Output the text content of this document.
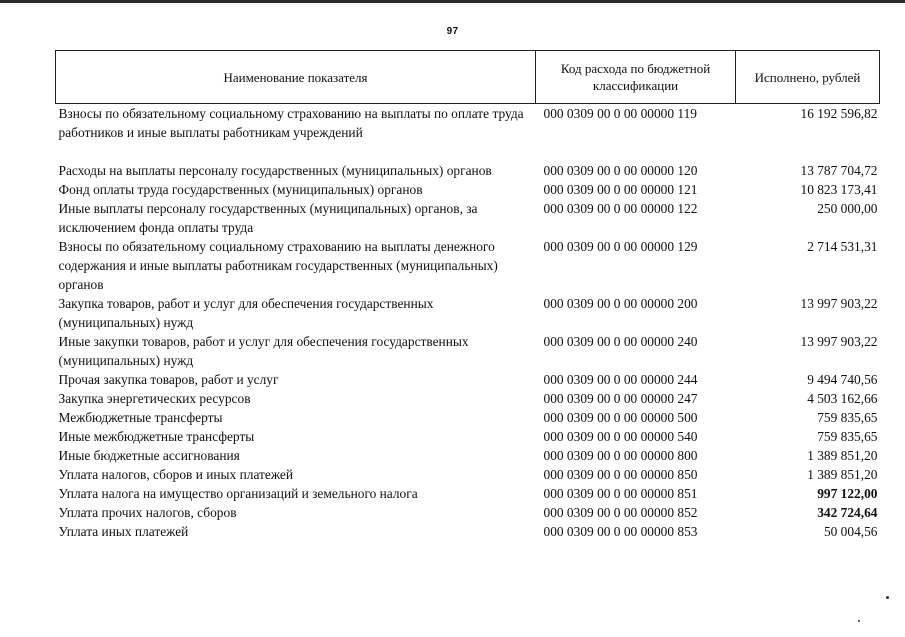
97
Наименование показателя	Код расхода по бюджетной классификации	Исполнено, рублей
Взносы по обязательному социальному страхованию на выплаты по оплате труда работников и иные выплаты работникам учреждений	000 0309 00 0 00 00000 119	16 192 596,82
Расходы на выплаты персоналу государственных (муниципальных) органов	000 0309 00 0 00 00000 120	13 787 704,72
Фонд оплаты труда государственных (муниципальных) органов	000 0309 00 0 00 00000 121	10 823 173,41
Иные выплаты персоналу государственных (муниципальных) органов, за исключением фонда оплаты труда	000 0309 00 0 00 00000 122	250 000,00
Взносы по обязательному социальному страхованию на выплаты денежного содержания и иные выплаты работникам государственных (муниципальных) органов	000 0309 00 0 00 00000 129	2 714 531,31
Закупка товаров, работ и услуг для обеспечения государственных (муниципальных) нужд	000 0309 00 0 00 00000 200	13 997 903,22
Иные закупки товаров, работ и услуг для обеспечения государственных (муниципальных) нужд	000 0309 00 0 00 00000 240	13 997 903,22
Прочая закупка товаров, работ и услуг	000 0309 00 0 00 00000 244	9 494 740,56
Закупка энергетических ресурсов	000 0309 00 0 00 00000 247	4 503 162,66
Межбюджетные трансферты	000 0309 00 0 00 00000 500	759 835,65
Иные межбюджетные трансферты	000 0309 00 0 00 00000 540	759 835,65
Иные бюджетные ассигнования	000 0309 00 0 00 00000 800	1 389 851,20
Уплата налогов, сборов и иных платежей	000 0309 00 0 00 00000 850	1 389 851,20
Уплата налога на имущество организаций и земельного налога	000 0309 00 0 00 00000 851	997 122,00
Уплата прочих налогов, сборов	000 0309 00 0 00 00000 852	342 724,64
Уплата иных платежей	000 0309 00 0 00 00000 853	50 004,56
